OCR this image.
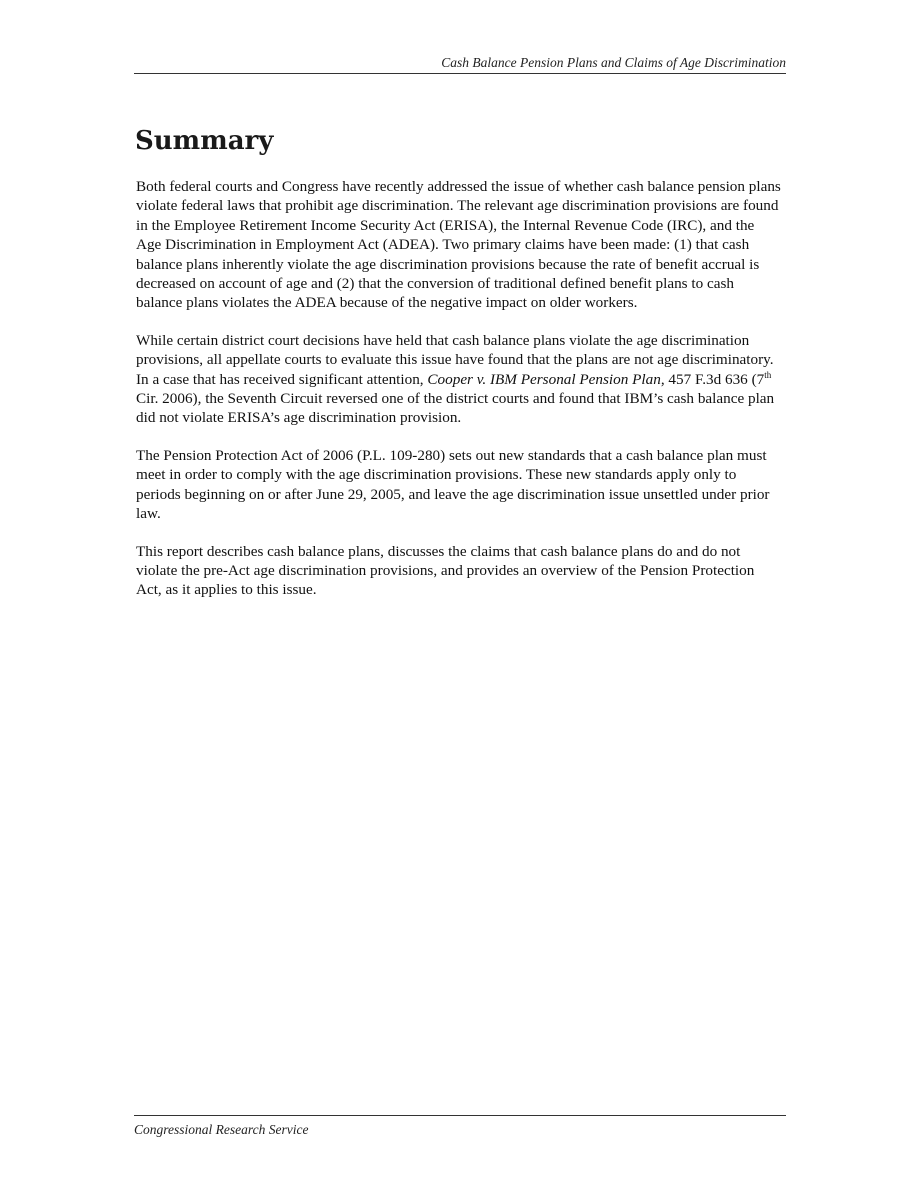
Cash Balance Pension Plans and Claims of Age Discrimination
Summary

Both federal courts and Congress have recently addressed the issue of whether cash balance pension plans violate federal laws that prohibit age discrimination. The relevant age discrimination provisions are found in the Employee Retirement Income Security Act (ERISA), the Internal Revenue Code (IRC), and the Age Discrimination in Employment Act (ADEA). Two primary claims have been made: (1) that cash balance plans inherently violate the age discrimination provisions because the rate of benefit accrual is decreased on account of age and (2) that the conversion of traditional defined benefit plans to cash balance plans violates the ADEA because of the negative impact on older workers.

While certain district court decisions have held that cash balance plans violate the age discrimination provisions, all appellate courts to evaluate this issue have found that the plans are not age discriminatory. In a case that has received significant attention, Cooper v. IBM Personal Pension Plan, 457 F.3d 636 (7th Cir. 2006), the Seventh Circuit reversed one of the district courts and found that IBM’s cash balance plan did not violate ERISA’s age discrimination provision.

The Pension Protection Act of 2006 (P.L. 109-280) sets out new standards that a cash balance plan must meet in order to comply with the age discrimination provisions. These new standards apply only to periods beginning on or after June 29, 2005, and leave the age discrimination issue unsettled under prior law.

This report describes cash balance plans, discusses the claims that cash balance plans do and do not violate the pre-Act age discrimination provisions, and provides an overview of the Pension Protection Act, as it applies to this issue.

Congressional Research Service
